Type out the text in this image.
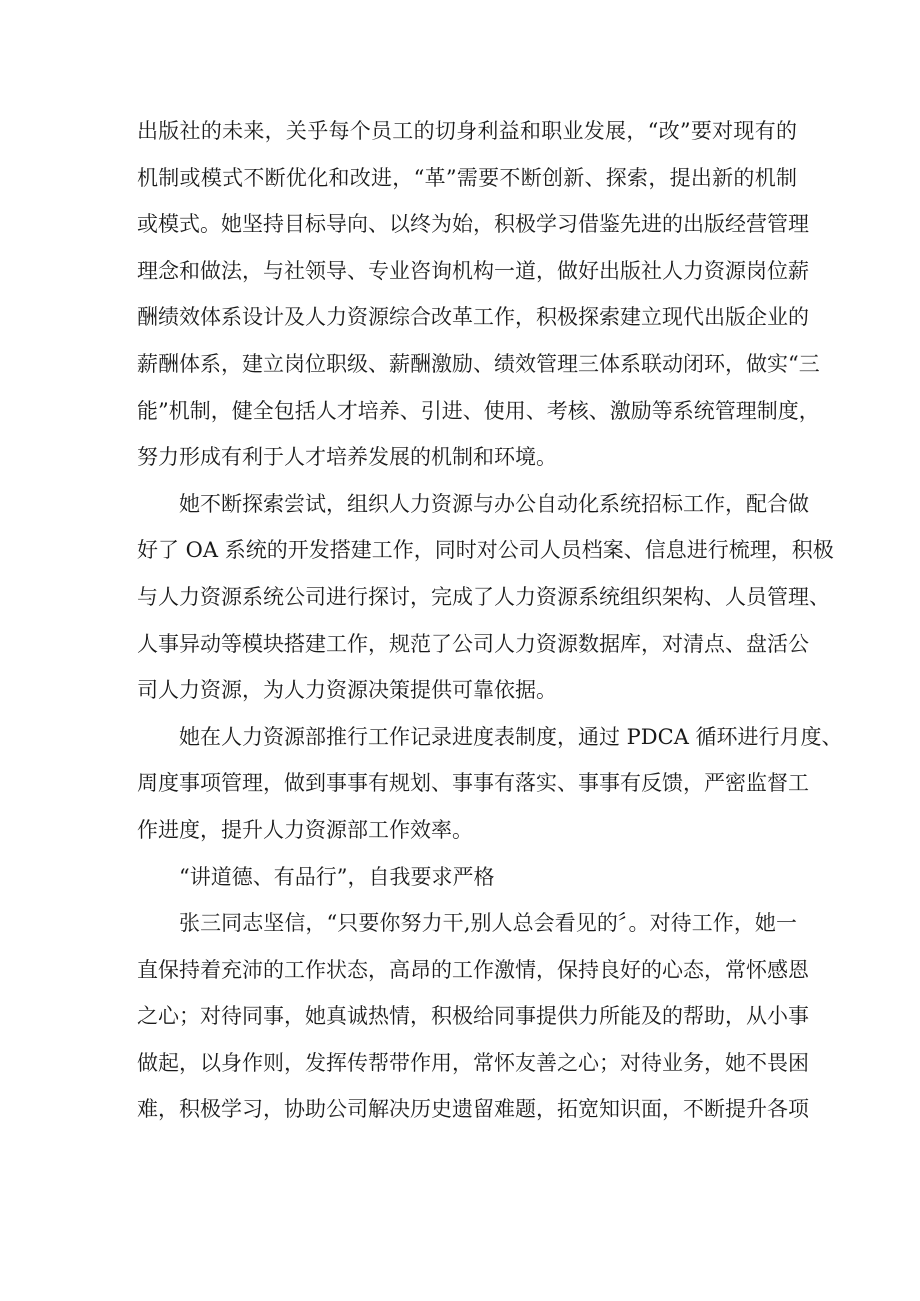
出版社的未来，关乎每个员工的切身利益和职业发展，“改”要对现有的
机制或模式不断优化和改进，“革”需要不断创新、探索，提出新的机制
或模式。她坚持目标导向、以终为始，积极学习借鉴先进的出版经营管理
理念和做法，与社领导、专业咨询机构一道，做好出版社人力资源岗位薪
酬绩效体系设计及人力资源综合改革工作，积极探索建立现代出版企业的
薪酬体系，建立岗位职级、薪酬激励、绩效管理三体系联动闭环，做实“三
能”机制，健全包括人才培养、引进、使用、考核、激励等系统管理制度，
努力形成有利于人才培养发展的机制和环境。
她不断探索尝试，组织人力资源与办公自动化系统招标工作，配合做
好了 OA 系统的开发搭建工作，同时对公司人员档案、信息进行梳理，积极
与人力资源系统公司进行探讨，完成了人力资源系统组织架构、人员管理、
人事异动等模块搭建工作，规范了公司人力资源数据库，对清点、盘活公
司人力资源，为人力资源决策提供可靠依据。
她在人力资源部推行工作记录进度表制度，通过 PDCA 循环进行月度、
周度事项管理，做到事事有规划、事事有落实、事事有反馈，严密监督工
作进度，提升人力资源部工作效率。
“讲道德、有品行”，自我要求严格
张三同志坚信，“只要你努力干,别人总会看见的〞。对待工作，她一
直保持着充沛的工作状态，高昂的工作激情，保持良好的心态，常怀感恩
之心；对待同事，她真诚热情，积极给同事提供力所能及的帮助，从小事
做起，以身作则，发挥传帮带作用，常怀友善之心；对待业务，她不畏困
难，积极学习，协助公司解决历史遗留难题，拓宽知识面，不断提升各项
